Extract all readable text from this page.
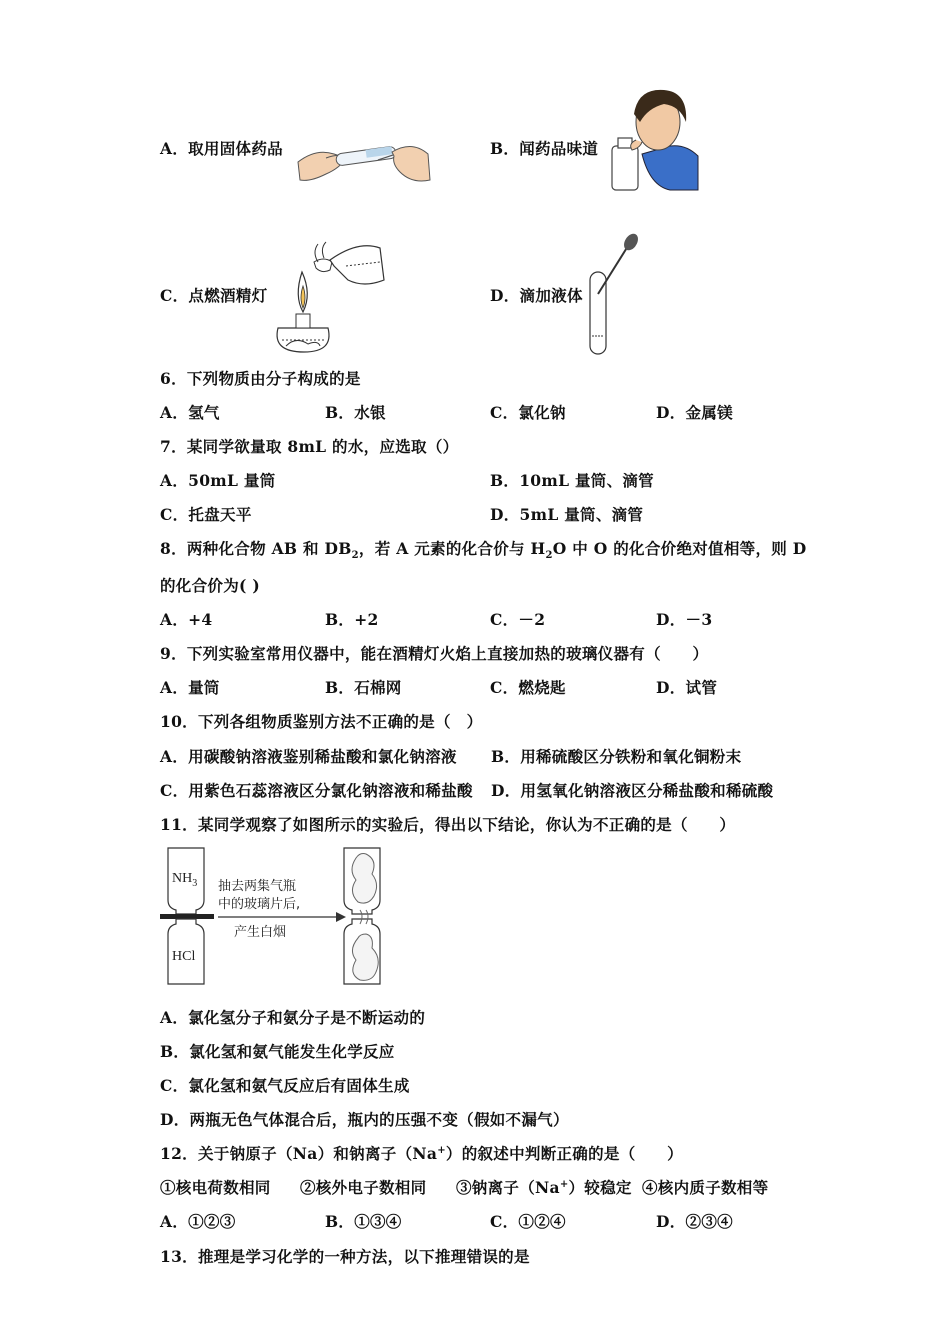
A．取用固体药品	B．闻药品味道
C．点燃酒精灯	D．滴加液体
6．下列物质由分子构成的是
A．氢气	B．水银	C．氯化钠	D．金属镁
7．某同学欲量取 8mL 的水，应选取（）
A．50mL 量筒	B．10mL 量筒、滴管
C．托盘天平	D．5mL 量筒、滴管
8．两种化合物 AB 和 $DB_2$，若 A 元素的化合价与 $H_2O$ 中 O 的化合价绝对值相等，则 D
的化合价为( )
A．+4	B．+2	C．－2	D．－3
9．下列实验室常用仪器中，能在酒精灯火焰上直接加热的玻璃仪器有（　　）
A．量筒	B．石棉网	C．燃烧匙	D．试管
10．下列各组物质鉴别方法不正确的是（　）
A．用碳酸钠溶液鉴别稀盐酸和氯化钠溶液 B．用稀硫酸区分铁粉和氧化铜粉末
C．用紫色石蕊溶液区分氯化钠溶液和稀盐酸 D．用氢氧化钠溶液区分稀盐酸和稀硫酸
11．某同学观察了如图所示的实验后，得出以下结论，你认为不正确的是（　　）
$NH_3$
HCl
抽去两集气瓶
中的玻璃片后,
产生白烟
A．氯化氢分子和氨分子是不断运动的
B．氯化氢和氨气能发生化学反应
C．氯化氢和氨气反应后有固体生成
D．两瓶无色气体混合后，瓶内的压强不变（假如不漏气）
12．关于钠原子（Na）和钠离子（Na+）的叙述中判断正确的是（　　）
①核电荷数相同 ②核外电子数相同 ③钠离子（Na+）较稳定 ④核内质子数相等
A．①②③	B．①③④	C．①②④	D．②③④
13．推理是学习化学的一种方法，以下推理错误的是
